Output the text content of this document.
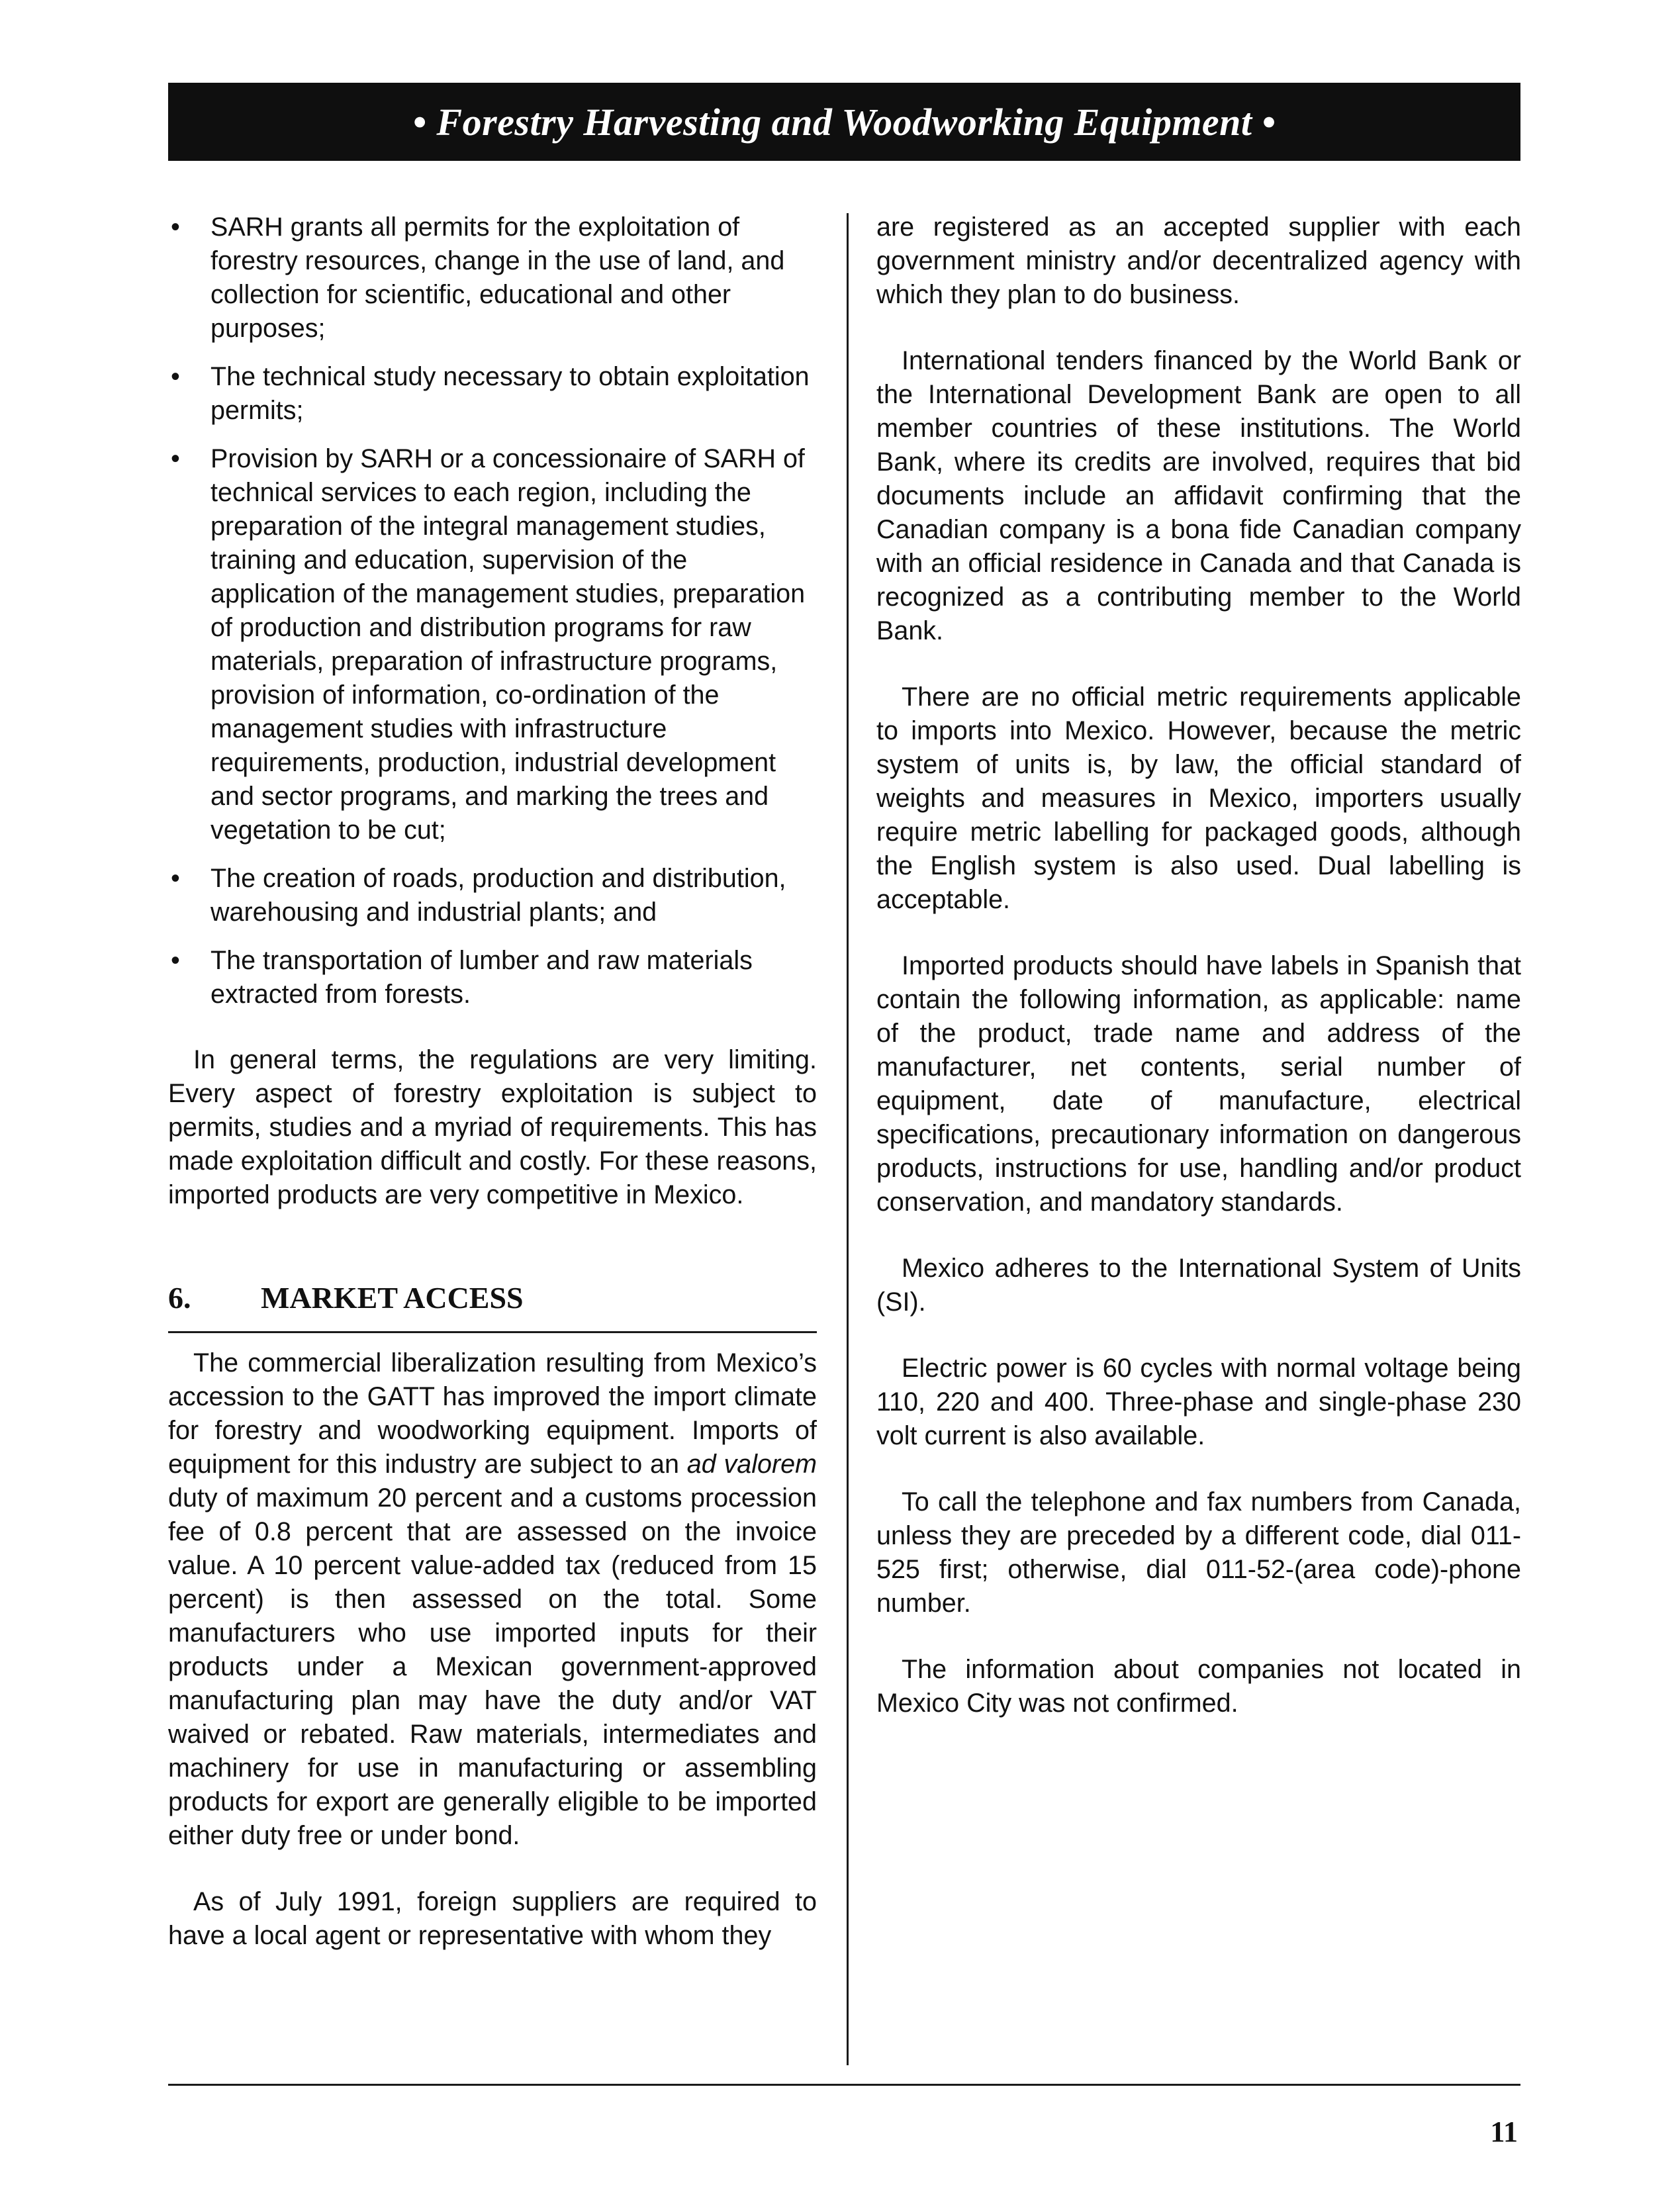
• Forestry Harvesting and Woodworking Equipment •
• SARH grants all permits for the exploitation of forestry resources, change in the use of land, and collection for scientific, educational and other purposes;
• The technical study necessary to obtain exploitation permits;
• Provision by SARH or a concessionaire of SARH of technical services to each region, including the preparation of the integral management studies, training and education, supervision of the application of the management studies, preparation of production and distribution programs for raw materials, preparation of infrastructure programs, provision of information, co-ordination of the management studies with infrastructure requirements, production, industrial development and sector programs, and marking the trees and vegetation to be cut;
• The creation of roads, production and distribution, warehousing and industrial plants; and
• The transportation of lumber and raw materials extracted from forests.

In general terms, the regulations are very limiting. Every aspect of forestry exploitation is subject to permits, studies and a myriad of requirements. This has made exploitation difficult and costly. For these reasons, imported products are very competitive in Mexico.

6.	MARKET ACCESS

The commercial liberalization resulting from Mexico’s accession to the GATT has improved the import climate for forestry and woodworking equipment. Imports of equipment for this industry are subject to an ad valorem duty of maximum 20 percent and a customs procession fee of 0.8 percent that are assessed on the invoice value. A 10 percent value-added tax (reduced from 15 percent) is then assessed on the total. Some manufacturers who use imported inputs for their products under a Mexican government-approved manufacturing plan may have the duty and/or VAT waived or rebated. Raw materials, intermediates and machinery for use in manufacturing or assembling products for export are generally eligible to be imported either duty free or under bond.

As of July 1991, foreign suppliers are required to have a local agent or representative with whom they

are registered as an accepted supplier with each government ministry and/or decentralized agency with which they plan to do business.

International tenders financed by the World Bank or the International Development Bank are open to all member countries of these institutions. The World Bank, where its credits are involved, requires that bid documents include an affidavit confirming that the Canadian company is a bona fide Canadian company with an official residence in Canada and that Canada is recognized as a contributing member to the World Bank.

There are no official metric requirements applicable to imports into Mexico. However, because the metric system of units is, by law, the official standard of weights and measures in Mexico, importers usually require metric labelling for packaged goods, although the English system is also used. Dual labelling is acceptable.

Imported products should have labels in Spanish that contain the following information, as applicable: name of the product, trade name and address of the manufacturer, net contents, serial number of equipment, date of manufacture, electrical specifications, precautionary information on dangerous products, instructions for use, handling and/or product conservation, and mandatory standards.

Mexico adheres to the International System of Units (SI).

Electric power is 60 cycles with normal voltage being 110, 220 and 400. Three-phase and single-phase 230 volt current is also available.

To call the telephone and fax numbers from Canada, unless they are preceded by a different code, dial 011-525 first; otherwise, dial 011-52-(area code)-phone number.

The information about companies not located in Mexico City was not confirmed.

11
